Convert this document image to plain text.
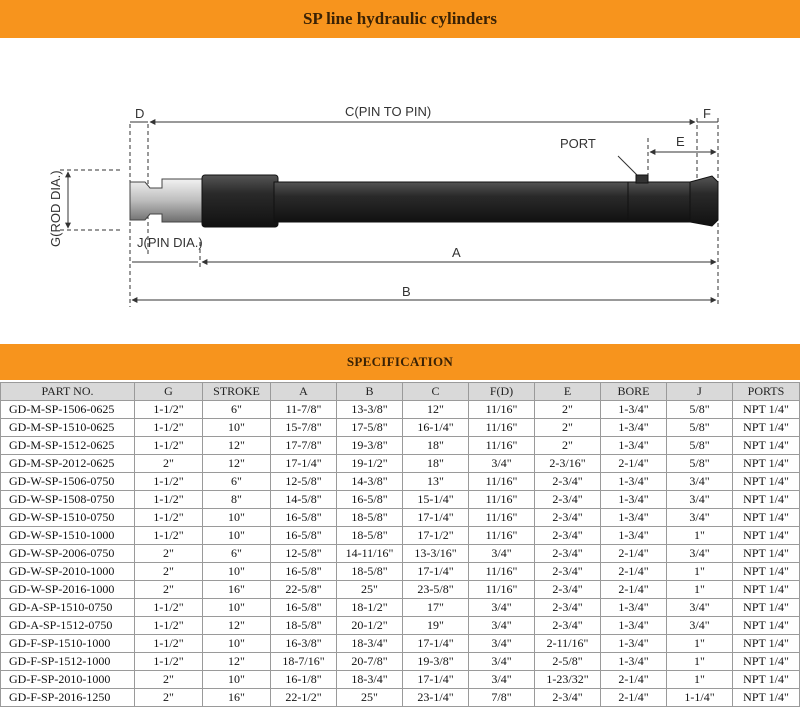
SP line hydraulic cylinders
D	C(PIN TO PIN)	F
PORT	E
G(ROD DIA.)	J(PIN DIA.)
A
B
SPECIFICATION
PART NO.	G	STROKE	A	B	C	F(D)	E	BORE	J	PORTS
GD-M-SP-1506-0625	1-1/2"	6"	11-7/8"	13-3/8"	12"	11/16"	2"	1-3/4"	5/8"	NPT 1/4"
GD-M-SP-1510-0625	1-1/2"	10"	15-7/8"	17-5/8"	16-1/4"	11/16"	2"	1-3/4"	5/8"	NPT 1/4"
GD-M-SP-1512-0625	1-1/2"	12"	17-7/8"	19-3/8"	18"	11/16"	2"	1-3/4"	5/8"	NPT 1/4"
GD-M-SP-2012-0625	2"	12"	17-1/4"	19-1/2"	18"	3/4"	2-3/16"	2-1/4"	5/8"	NPT 1/4"
GD-W-SP-1506-0750	1-1/2"	6"	12-5/8"	14-3/8"	13"	11/16"	2-3/4"	1-3/4"	3/4"	NPT 1/4"
GD-W-SP-1508-0750	1-1/2"	8"	14-5/8"	16-5/8"	15-1/4"	11/16"	2-3/4"	1-3/4"	3/4"	NPT 1/4"
GD-W-SP-1510-0750	1-1/2"	10"	16-5/8"	18-5/8"	17-1/4"	11/16"	2-3/4"	1-3/4"	3/4"	NPT 1/4"
GD-W-SP-1510-1000	1-1/2"	10"	16-5/8"	18-5/8"	17-1/2"	11/16"	2-3/4"	1-3/4"	1"	NPT 1/4"
GD-W-SP-2006-0750	2"	6"	12-5/8"	14-11/16"	13-3/16"	3/4"	2-3/4"	2-1/4"	3/4"	NPT 1/4"
GD-W-SP-2010-1000	2"	10"	16-5/8"	18-5/8"	17-1/4"	11/16"	2-3/4"	2-1/4"	1"	NPT 1/4"
GD-W-SP-2016-1000	2"	16"	22-5/8"	25"	23-5/8"	11/16"	2-3/4"	2-1/4"	1"	NPT 1/4"
GD-A-SP-1510-0750	1-1/2"	10"	16-5/8"	18-1/2"	17"	3/4"	2-3/4"	1-3/4"	3/4"	NPT 1/4"
GD-A-SP-1512-0750	1-1/2"	12"	18-5/8"	20-1/2"	19"	3/4"	2-3/4"	1-3/4"	3/4"	NPT 1/4"
GD-F-SP-1510-1000	1-1/2"	10"	16-3/8"	18-3/4"	17-1/4"	3/4"	2-11/16"	1-3/4"	1"	NPT 1/4"
GD-F-SP-1512-1000	1-1/2"	12"	18-7/16"	20-7/8"	19-3/8"	3/4"	2-5/8"	1-3/4"	1"	NPT 1/4"
GD-F-SP-2010-1000	2"	10"	16-1/8"	18-3/4"	17-1/4"	3/4"	1-23/32"	2-1/4"	1"	NPT 1/4"
GD-F-SP-2016-1250	2"	16"	22-1/2"	25"	23-1/4"	7/8"	2-3/4"	2-1/4"	1-1/4"	NPT 1/4"
